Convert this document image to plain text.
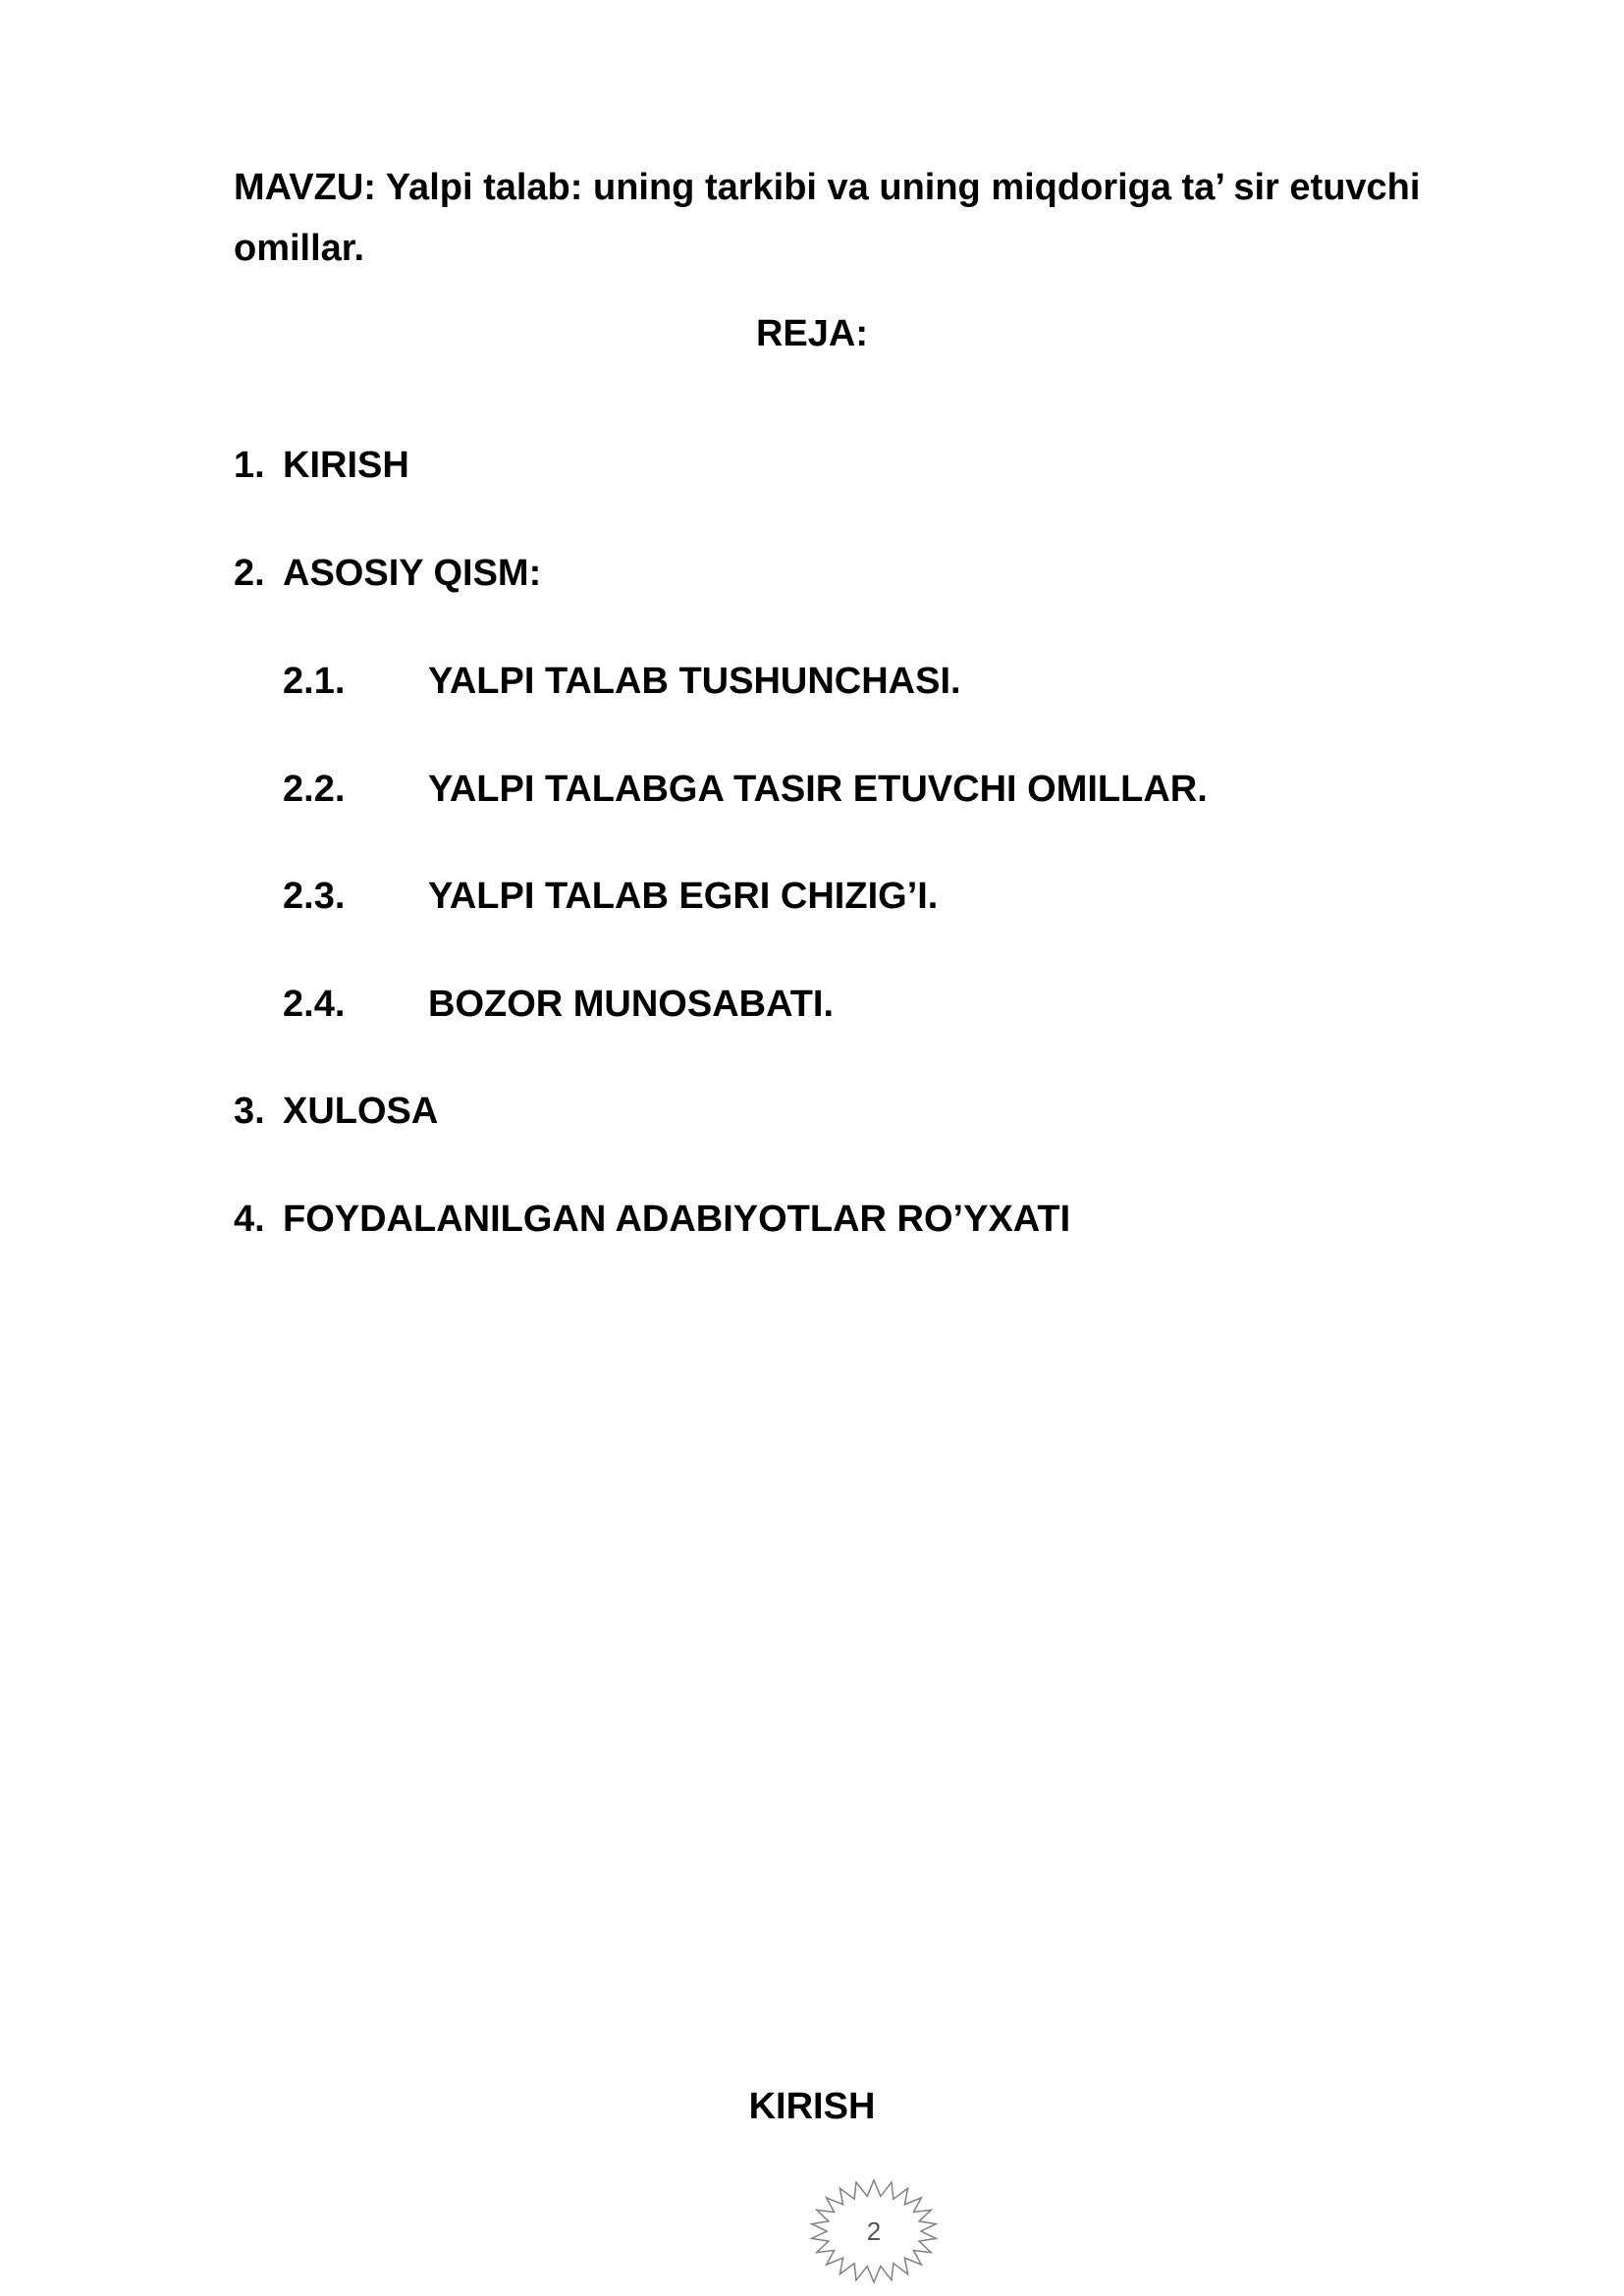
MAVZU: Yalpi talab: uning tarkibi va uning miqdoriga ta’ sir etuvchi omillar.
REJA:
1. KIRISH
2. ASOSIY QISM:
2.1. YALPI TALAB TUSHUNCHASI.
2.2. YALPI TALABGA TASIR ETUVCHI OMILLAR.
2.3. YALPI TALAB EGRI CHIZIG’I.
2.4. BOZOR MUNOSABATI.
3. XULOSA
4. FOYDALANILGAN ADABIYOTLAR RO’YXATI
KIRISH
2
